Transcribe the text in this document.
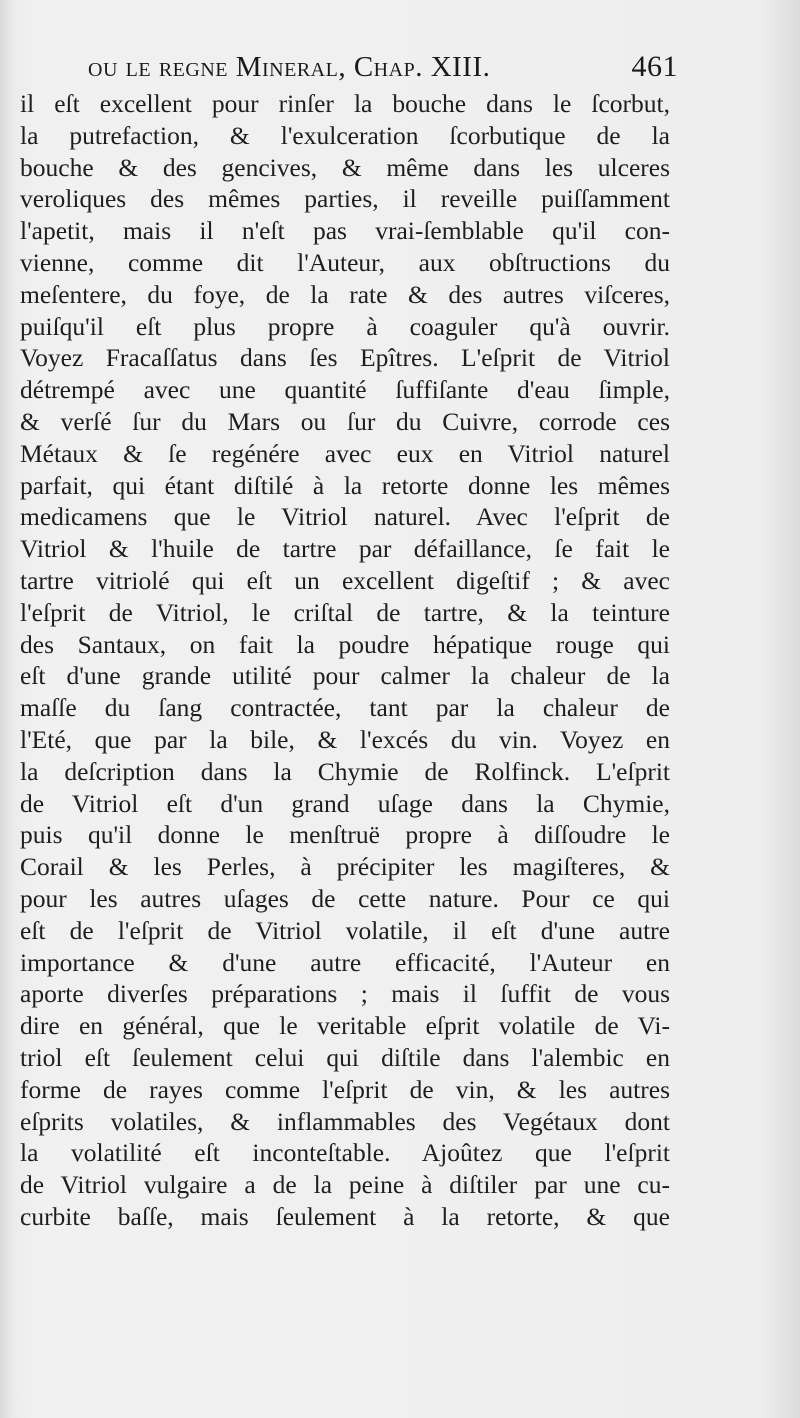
ou le regne Mineral, Chap. XIII.	461
il eſt excellent pour rinſer la bouche dans le ſcorbut,
la putrefaction, & l'exulceration ſcorbutique de la
bouche & des gencives, & même dans les ulceres
veroliques des mêmes parties, il reveille puiſſamment
l'apetit, mais il n'eſt pas vrai-ſemblable qu'il con-
vienne, comme dit l'Auteur, aux obſtructions du
meſentere, du foye, de la rate & des autres viſceres,
puiſqu'il eſt plus propre à coaguler qu'à ouvrir.
Voyez Fracaſſatus dans ſes Epîtres. L'eſprit de Vitriol
détrempé avec une quantité ſuffiſante d'eau ſimple,
& verſé ſur du Mars ou ſur du Cuivre, corrode ces
Métaux & ſe regénére avec eux en Vitriol naturel
parfait, qui étant diſtilé à la retorte donne les mêmes
medicamens que le Vitriol naturel. Avec l'eſprit de
Vitriol & l'huile de tartre par défaillance, ſe fait le
tartre vitriolé qui eſt un excellent digeſtif ; & avec
l'eſprit de Vitriol, le criſtal de tartre, & la teinture
des Santaux, on fait la poudre hépatique rouge qui
eſt d'une grande utilité pour calmer la chaleur de la
maſſe du ſang contractée, tant par la chaleur de
l'Eté, que par la bile, & l'excés du vin. Voyez en
la deſcription dans la Chymie de Rolfinck. L'eſprit
de Vitriol eſt d'un grand uſage dans la Chymie,
puis qu'il donne le menſtruë propre à diſſoudre le
Corail & les Perles, à précipiter les magiſteres, &
pour les autres uſages de cette nature. Pour ce qui
eſt de l'eſprit de Vitriol volatile, il eſt d'une autre
importance & d'une autre efficacité, l'Auteur en
aporte diverſes préparations ; mais il ſuffit de vous
dire en général, que le veritable eſprit volatile de Vi-
triol eſt ſeulement celui qui diſtile dans l'alembic en
forme de rayes comme l'eſprit de vin, & les autres
eſprits volatiles, & inflammables des Vegétaux dont
la volatilité eſt inconteſtable. Ajoûtez que l'eſprit
de Vitriol vulgaire a de la peine à diſtiler par une cu-
curbite baſſe, mais ſeulement à la retorte, & que
